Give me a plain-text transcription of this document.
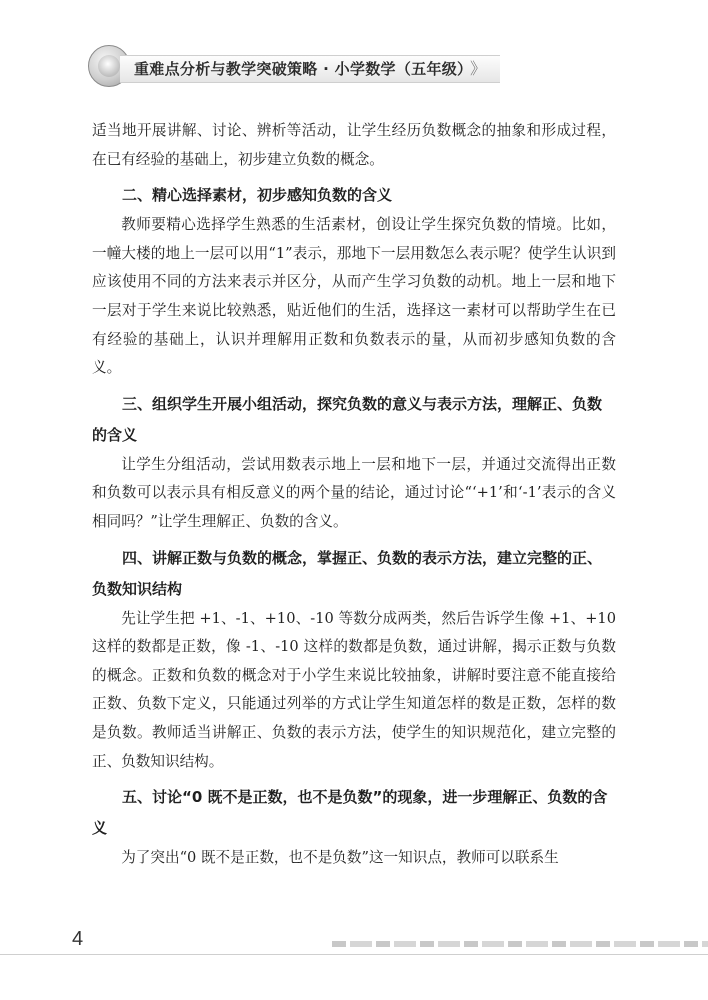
重难点分析与教学突破策略 · 小学数学（五年级）
》

适当地开展讲解、讨论、辨析等活动，让学生经历负数概念的抽象和形成过程，在已有经验的基础上，初步建立负数的概念。

二、精心选择素材，初步感知负数的含义

教师要精心选择学生熟悉的生活素材，创设让学生探究负数的情境。比如，一幢大楼的地上一层可以用“1”表示，那地下一层用数怎么表示呢？使学生认识到应该使用不同的方法来表示并区分，从而产生学习负数的动机。地上一层和地下一层对于学生来说比较熟悉，贴近他们的生活，选择这一素材可以帮助学生在已有经验的基础上，认识并理解用正数和负数表示的量，从而初步感知负数的含义。

三、组织学生开展小组活动，探究负数的意义与表示方法，理解正、负数的含义

让学生分组活动，尝试用数表示地上一层和地下一层，并通过交流得出正数和负数可以表示具有相反意义的两个量的结论，通过讨论“‘+1’和‘-1’表示的含义相同吗？”让学生理解正、负数的含义。

四、讲解正数与负数的概念，掌握正、负数的表示方法，建立完整的正、负数知识结构

先让学生把 +1、-1、+10、-10 等数分成两类，然后告诉学生像 +1、+10 这样的数都是正数，像 -1、-10 这样的数都是负数，通过讲解，揭示正数与负数的概念。正数和负数的概念对于小学生来说比较抽象，讲解时要注意不能直接给正数、负数下定义，只能通过列举的方式让学生知道怎样的数是正数，怎样的数是负数。教师适当讲解正、负数的表示方法，使学生的知识规范化，建立完整的正、负数知识结构。

五、讨论“0 既不是正数，也不是负数”的现象，进一步理解正、负数的含义

为了突出“0 既不是正数，也不是负数”这一知识点，教师可以联系生

4
